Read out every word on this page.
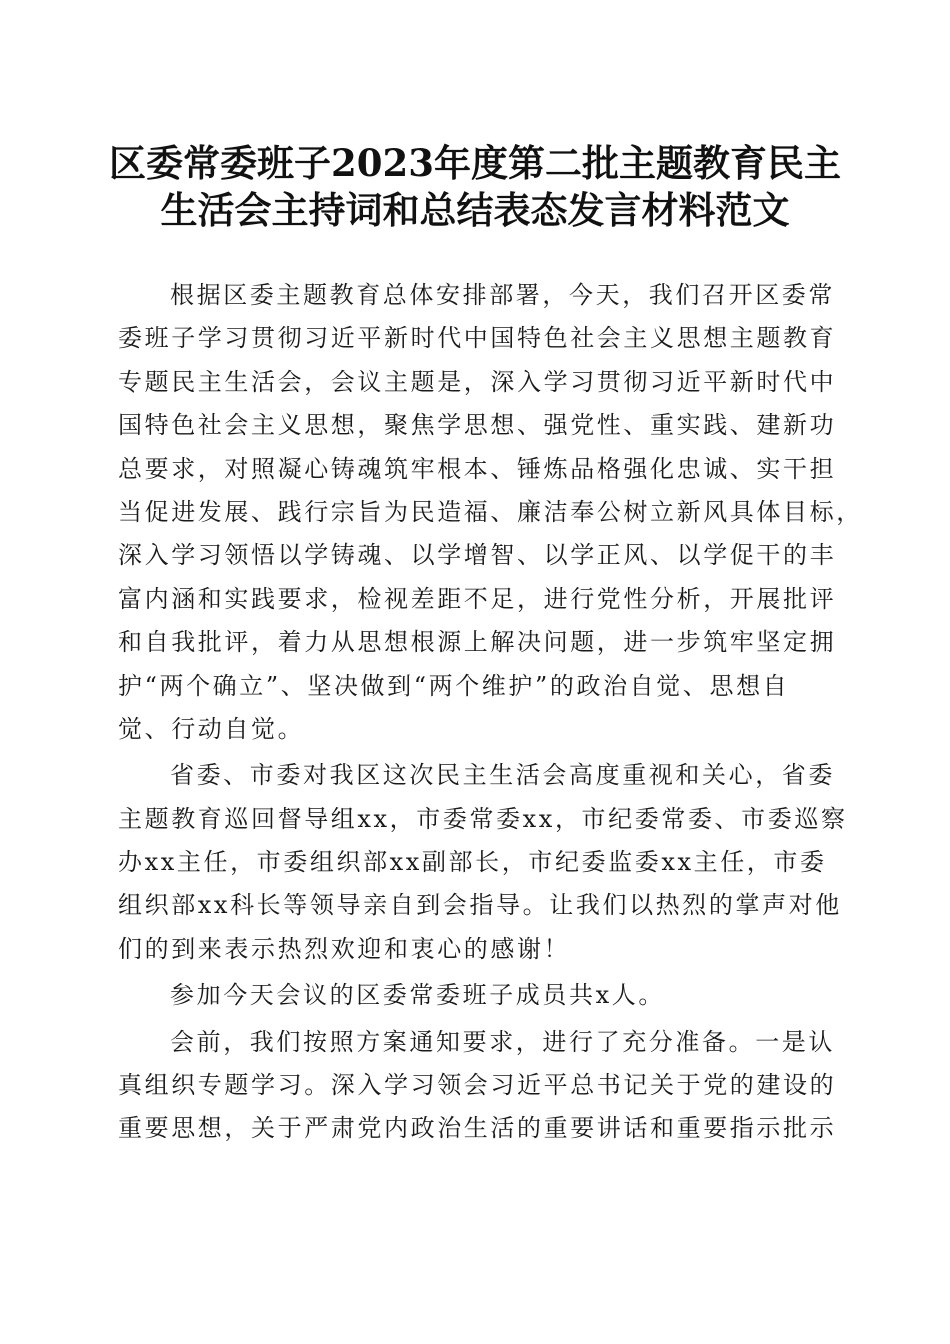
区委常委班子2023年度第二批主题教育民主
生活会主持词和总结表态发言材料范文

根据区委主题教育总体安排部署，今天，我们召开区委常
委班子学习贯彻习近平新时代中国特色社会主义思想主题教育
专题民主生活会，会议主题是，深入学习贯彻习近平新时代中
国特色社会主义思想，聚焦学思想、强党性、重实践、建新功
总要求，对照凝心铸魂筑牢根本、锤炼品格强化忠诚、实干担
当促进发展、践行宗旨为民造福、廉洁奉公树立新风具体目标，
深入学习领悟以学铸魂、以学增智、以学正风、以学促干的丰
富内涵和实践要求，检视差距不足，进行党性分析，开展批评
和自我批评，着力从思想根源上解决问题，进一步筑牢坚定拥
护“两个确立”、坚决做到“两个维护”的政治自觉、思想自
觉、行动自觉。

省委、市委对我区这次民主生活会高度重视和关心，省委
主题教育巡回督导组xx，市委常委xx，市纪委常委、市委巡察
办xx主任，市委组织部xx副部长，市纪委监委xx主任，市委
组织部xx科长等领导亲自到会指导。让我们以热烈的掌声对他
们的到来表示热烈欢迎和衷心的感谢！

参加今天会议的区委常委班子成员共x人。

会前，我们按照方案通知要求，进行了充分准备。一是认
真组织专题学习。深入学习领会习近平总书记关于党的建设的
重要思想，关于严肃党内政治生活的重要讲话和重要指示批示
